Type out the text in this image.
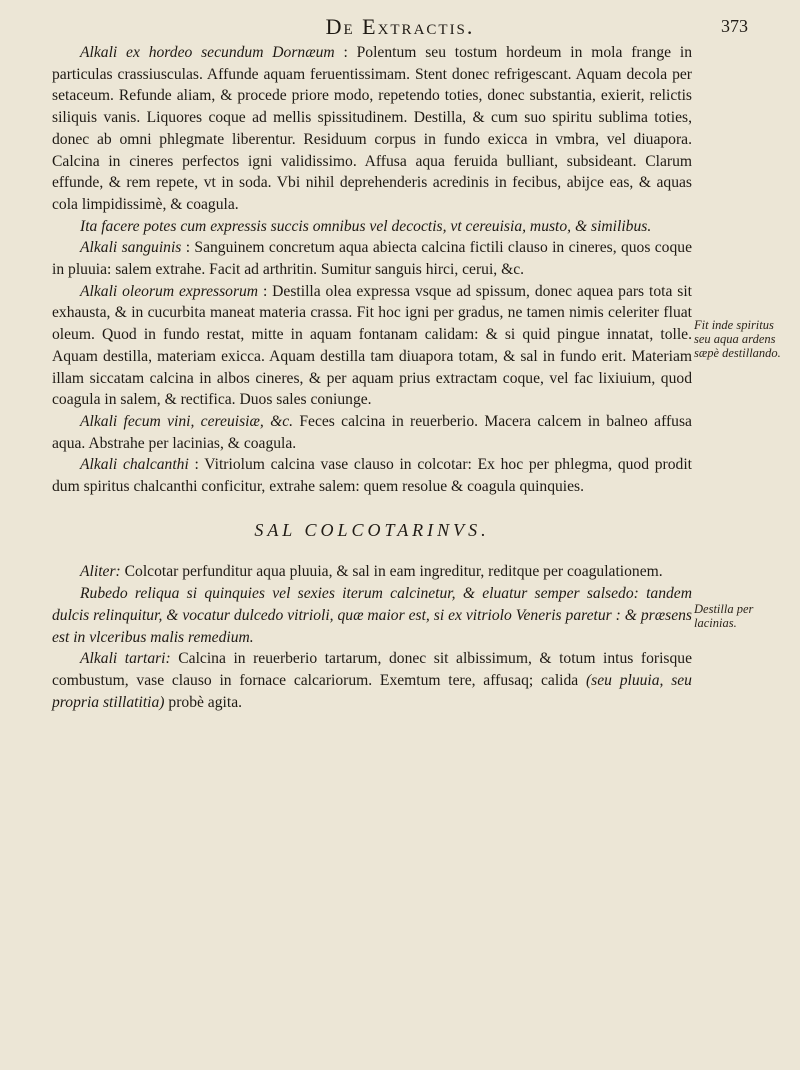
De Extractis.	373

Alkali ex hordeo secundum Dornæum : Polentum seu tostum hordeum in mola frange in particulas crassiusculas. Affunde aquam feruentissimam. Stent donec refrigescant. Aquam decola per setaceum. Refunde aliam, & procede priore modo, repetendo toties, donec substantia, exierit, relictis siliquis vanis. Liquores coque ad mellis spissitudinem. Destilla, & cum suo spiritu sublima toties, donec ab omni phlegmate liberentur. Residuum corpus in fundo exicca in vmbra, vel diuapora. Calcina in cineres perfectos igni validissimo. Affusa aqua feruida bulliant, subsideant. Clarum effunde, & rem repete, vt in soda. Vbi nihil deprehenderis acredinis in fecibus, abijce eas, & aquas cola limpidissimè, & coagula.

Ita facere potes cum expressis succis omnibus vel decoctis, vt cereuisia, musto, & similibus.

Alkali sanguinis : Sanguinem concretum aqua abiecta calcina fictili clauso in cineres, quos coque in pluuia: salem extrahe. Facit ad arthritin. Sumitur sanguis hirci, cerui, &c.

Alkali oleorum expressorum : Destilla olea expressa vsque ad spissum, donec aquea pars tota sit exhausta, & in cucurbita maneat materia crassa. Fit hoc igni per gradus, ne tamen nimis celeriter fluat oleum. Quod in fundo restat, mitte in aquam fontanam calidam: & si quid pingue innatat, tolle. Aquam destilla, materiam exicca. Aquam destilla tam diuapora totam, & sal in fundo erit. Materiam illam siccatam calcina in albos cineres, & per aquam prius extractam coque, vel fac lixiuium, quod coagula in salem, & rectifica. Duos sales coniunge.

Alkali fecum vini, cereuisiæ, &c. Feces calcina in reuerberio. Macera calcem in balneo affusa aqua. Abstrahe per lacinias, & coagula.

Alkali chalcanthi : Vitriolum calcina vase clauso in colcotar: Ex hoc per phlegma, quod prodit dum spiritus chalcanthi conficitur, extrahe salem: quem resolue & coagula quinquies.

SAL COLCOTARINVS.

Aliter: Colcotar perfunditur aqua pluuia, & sal in eam ingreditur, reditque per coagulationem.

Rubedo reliqua si quinquies vel sexies iterum calcinetur, & eluatur semper salsedo: tandem dulcis relinquitur, & vocatur dulcedo vitrioli, quæ maior est, si ex vitriolo Veneris paretur : & præsens est in vlceribus malis remedium.

Alkali tartari: Calcina in reuerberio tartarum, donec sit albissimum, & totum intus forisque combustum, vase clauso in fornace calcariorum. Exemtum tere, affusaq; calida (seu pluuia, seu propria stillatitia) probè agita.

Fit inde spiritus seu aqua ardens sæpè destillando.
Destilla per lacinias.
